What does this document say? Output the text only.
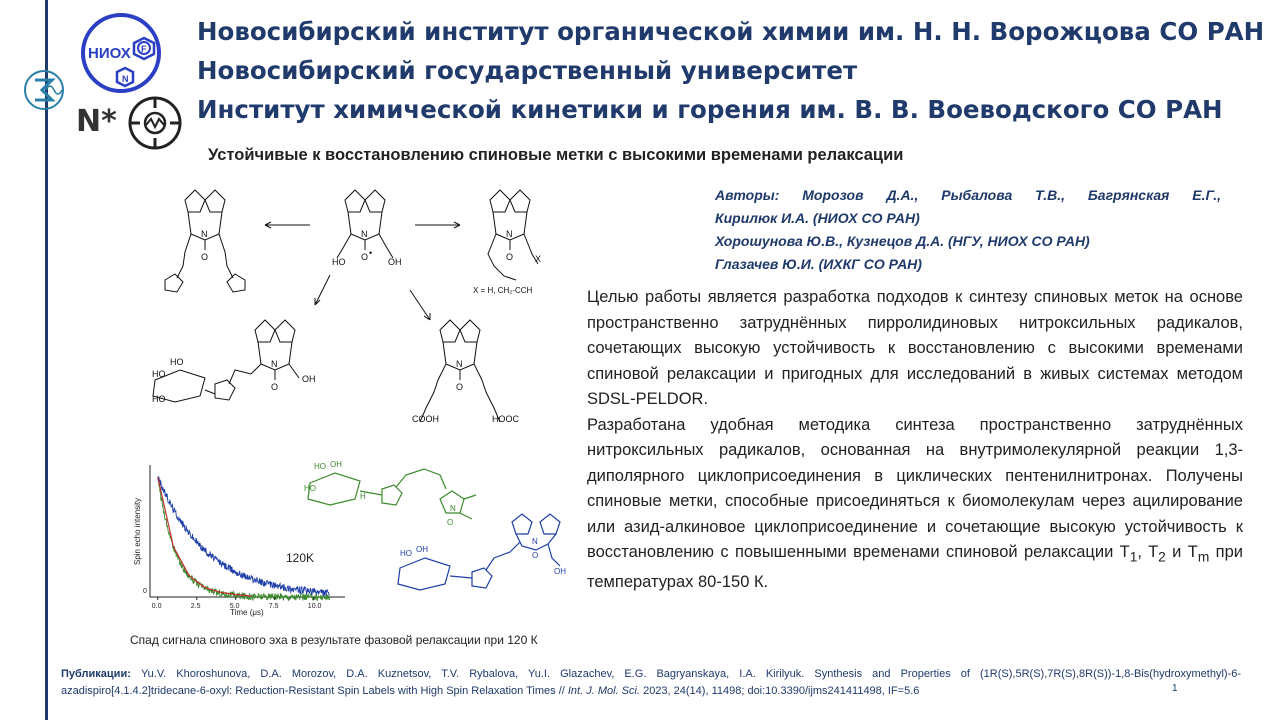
НИОХ F
N
N*
Новосибирский институт органической химии им. Н. Н. Ворожцова СО РАН
Новосибирский государственный университет
Институт химической кинетики и горения им. В. В. Воеводского СО РАН
Устойчивые к восстановлению спиновые метки с высокими временами релаксации
N
O •
HO	OH
N
O
N
O X
X = H, CH₂-CCH
N
O
OH
HO
HO
HO	N
O
COOH	HOOC
0.0	2.5	5.0	7.5	10.0
0
Time (μs)
Spin echo intensity	120K
HO OH
HO
N
O
H
HO OH
N
O
OH
Авторы: Морозов Д.А., Рыбалова Т.В., Багрянская Е.Г.,
Кирилюк И.А. (НИОХ СО РАН)
Хорошунова Ю.В., Кузнецов Д.А. (НГУ, НИОХ СО РАН)
Глазачев Ю.И. (ИХКГ СО РАН)

Целью работы является разработка подходов к синтезу спиновых меток на основе пространственно затруднённых пирролидиновых нитроксильных радикалов, сочетающих высокую устойчивость к восстановлению с высокими временами спиновой релаксации и пригодных для исследований в живых системах методом SDSL-PELDOR.

Разработана удобная методика синтеза пространственно затруднённых нитроксильных радикалов, основанная на внутримолекулярной реакции 1,3-диполярного циклоприсоединения в циклических пентенилнитронах. Получены спиновые метки, способные присоединяться к биомолекулам через ацилирование или азид-алкиновое циклоприсоединение и сочетающие высокую устойчивость к восстановлению с повышенными временами спиновой релаксации $T_1$, $T_2$ и $T_m$ при температурах 80-150 К.

Спад сигнала спинового эха в результате фазовой релаксации при 120 К
Публикации: Yu.V. Khoroshunova, D.A. Morozov, D.A. Kuznetsov, T.V. Rybalova, Yu.I. Glazachev, E.G. Bagryanskaya, I.A. Kirilyuk. Synthesis and Properties of (1R(S),5R(S),7R(S),8R(S))-1,8-Bis(hydroxymethyl)-6-azadispiro[4.1.4.2]tridecane-6-oxyl: Reduction-Resistant Spin Labels with High Spin Relaxation Times // Int. J. Mol. Sci. 2023, 24(14), 11498; doi:10.3390/ijms241411498, IF=5.6	1
